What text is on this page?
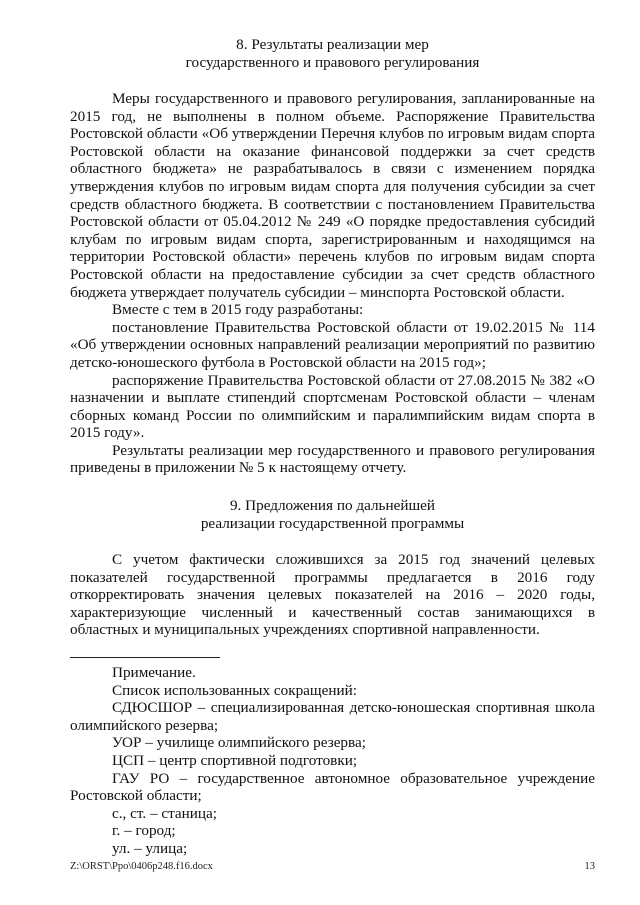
8. Результаты реализации мер

государственного и правового регулирования

Меры государственного и правового регулирования, запланированные на 2015 год, не выполнены в полном объеме. Распоряжение Правительства Ростовской области «Об утверждении Перечня клубов по игровым видам спорта Ростовской области на оказание финансовой поддержки за счет средств областного бюджета» не разрабатывалось в связи с изменением порядка утверждения клубов по игровым видам спорта для получения субсидии за счет средств областного бюджета. В соответствии с постановлением Правительства Ростовской области от 05.04.2012 № 249 «О порядке предоставления субсидий клубам по игровым видам спорта, зарегистрированным и находящимся на территории Ростовской области» перечень клубов по игровым видам спорта Ростовской области на предоставление субсидии за счет средств областного бюджета утверждает получатель субсидии – минспорта Ростовской области.

Вместе с тем в 2015 году разработаны:

постановление Правительства Ростовской области от 19.02.2015 № 114 «Об утверждении основных направлений реализации мероприятий по развитию детско-юношеского футбола в Ростовской области на 2015 год»;

распоряжение Правительства Ростовской области от 27.08.2015 № 382 «О назначении и выплате стипендий спортсменам Ростовской области – членам сборных команд России по олимпийским и паралимпийским видам спорта в 2015 году».

Результаты реализации мер государственного и правового регулирования приведены в приложении № 5 к настоящему отчету.

9. Предложения по дальнейшей

реализации государственной программы

С учетом фактически сложившихся за 2015 год значений целевых показателей государственной программы предлагается в 2016 году откорректировать значения целевых показателей на 2016 – 2020 годы, характеризующие численный и качественный состав занимающихся в областных и муниципальных учреждениях спортивной направленности.

Примечание.

Список использованных сокращений:

СДЮСШОР – специализированная детско-юношеская спортивная школа олимпийского резерва;

УОР – училище олимпийского резерва;

ЦСП – центр спортивной подготовки;

ГАУ РО – государственное автономное образовательное учреждение Ростовской области;

с., ст. – станица;

г. – город;

ул. – улица;

Z:\ORST\Ppo\0406p248.f16.docx	13
